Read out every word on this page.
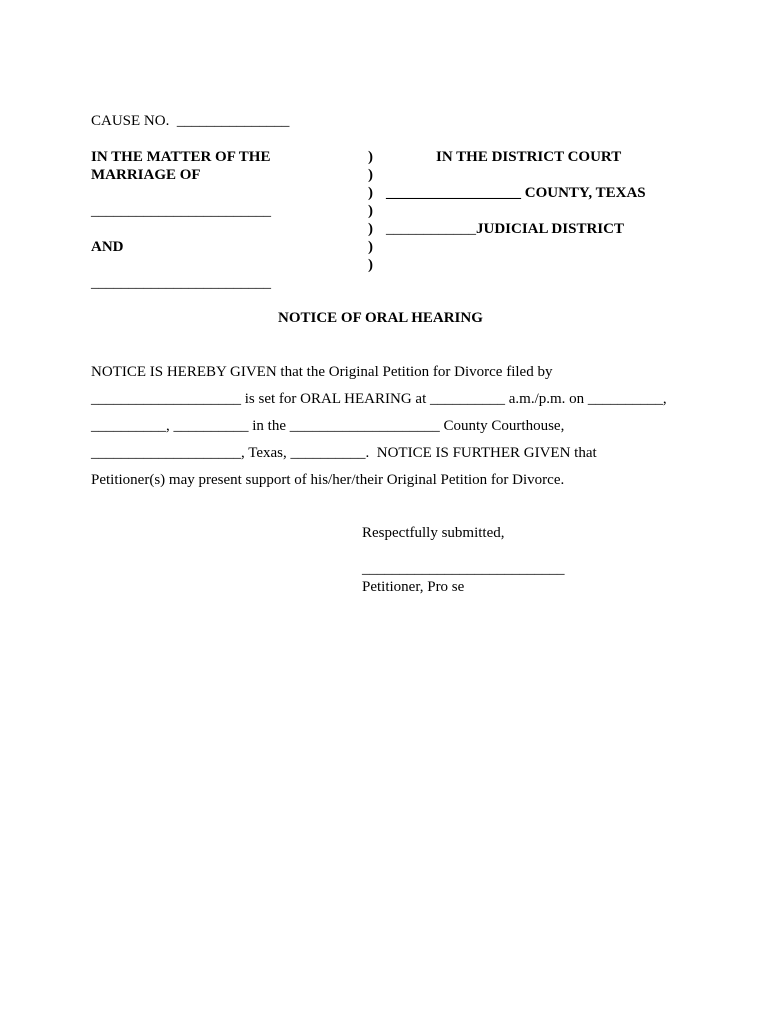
CAUSE NO. _______________
IN THE MATTER OF THE
MARRIAGE OF
________________________
AND
________________________
)
)
)
)
)
)
)
IN THE DISTRICT COURT
__________________ COUNTY, TEXAS
____________JUDICIAL DISTRICT
NOTICE OF ORAL HEARING
NOTICE IS HEREBY GIVEN that the Original Petition for Divorce filed by
____________________ is set for ORAL HEARING at __________ a.m./p.m. on __________,
__________, __________ in the ____________________ County Courthouse,
____________________, Texas, __________.  NOTICE IS FURTHER GIVEN that
Petitioner(s) may present support of his/her/their Original Petition for Divorce.
Respectfully submitted,
___________________________
Petitioner, Pro se
